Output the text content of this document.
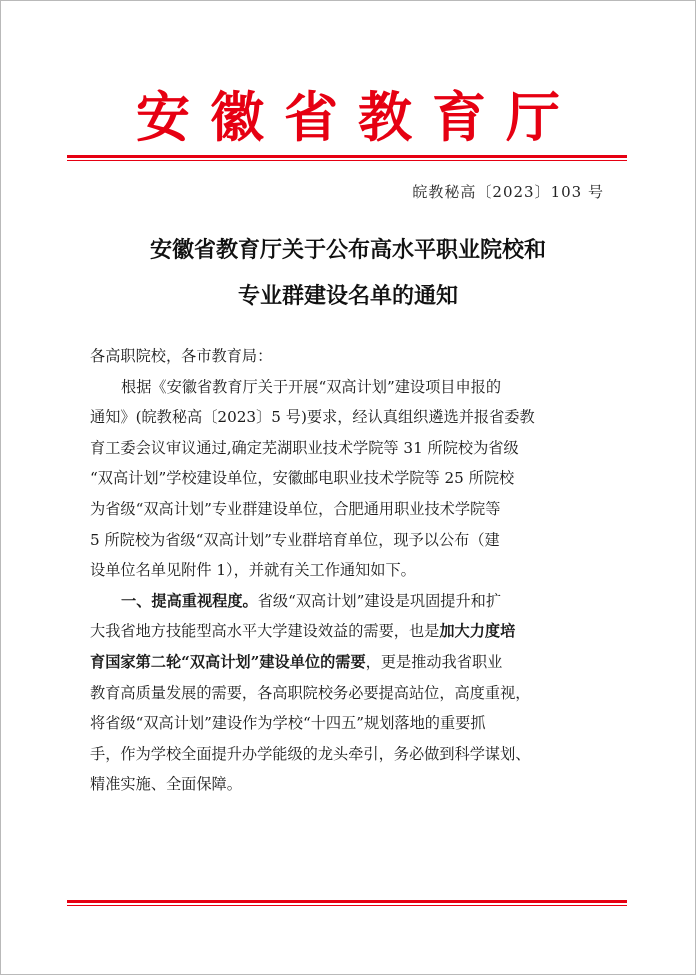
安徽省教育厅
皖教秘高〔2023〕103 号
安徽省教育厅关于公布高水平职业院校和
专业群建设名单的通知
各高职院校，各市教育局：
根据《安徽省教育厅关于开展“双高计划”建设项目申报的
通知》(皖教秘高〔2023〕5 号)要求，经认真组织遴选并报省委教
育工委会议审议通过,确定芜湖职业技术学院等 31 所院校为省级
“双高计划”学校建设单位，安徽邮电职业技术学院等 25 所院校
为省级“双高计划”专业群建设单位，合肥通用职业技术学院等
5 所院校为省级“双高计划”专业群培育单位，现予以公布（建
设单位名单见附件 1），并就有关工作通知如下。
一、提高重视程度。省级“双高计划”建设是巩固提升和扩
大我省地方技能型高水平大学建设效益的需要，也是加大力度培
育国家第二轮“双高计划”建设单位的需要，更是推动我省职业
教育高质量发展的需要，各高职院校务必要提高站位，高度重视，
将省级“双高计划”建设作为学校“十四五”规划落地的重要抓
手，作为学校全面提升办学能级的龙头牵引，务必做到科学谋划、
精准实施、全面保障。
